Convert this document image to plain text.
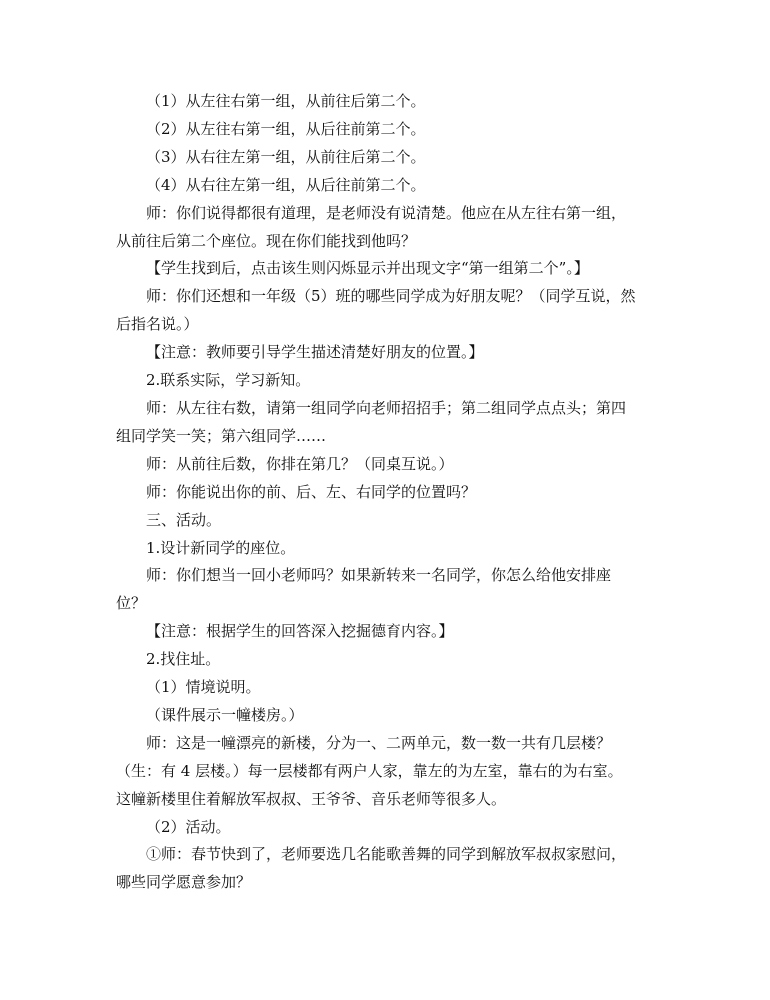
（1）从左往右第一组，从前往后第二个。

（2）从左往右第一组，从后往前第二个。

（3）从右往左第一组，从前往后第二个。

（4）从右往左第一组，从后往前第二个。

师：你们说得都很有道理，是老师没有说清楚。他应在从左往右第一组，

从前往后第二个座位。现在你们能找到他吗？

【学生找到后，点击该生则闪烁显示并出现文字“第一组第二个”。】

师：你们还想和一年级（5）班的哪些同学成为好朋友呢？（同学互说，然

后指名说。）

【注意：教师要引导学生描述清楚好朋友的位置。】

2.联系实际，学习新知。

师：从左往右数，请第一组同学向老师招招手；第二组同学点点头；第四

组同学笑一笑；第六组同学……

师：从前往后数，你排在第几？（同桌互说。）

师：你能说出你的前、后、左、右同学的位置吗？

三、活动。

1.设计新同学的座位。

师：你们想当一回小老师吗？如果新转来一名同学，你怎么给他安排座

位？

【注意：根据学生的回答深入挖掘德育内容。】

2.找住址。

（1）情境说明。

（课件展示一幢楼房。）

师：这是一幢漂亮的新楼，分为一、二两单元，数一数一共有几层楼？

（生：有 4 层楼。）每一层楼都有两户人家，靠左的为左室，靠右的为右室。

这幢新楼里住着解放军叔叔、王爷爷、音乐老师等很多人。

（2）活动。

①师：春节快到了，老师要选几名能歌善舞的同学到解放军叔叔家慰问，

哪些同学愿意参加？
